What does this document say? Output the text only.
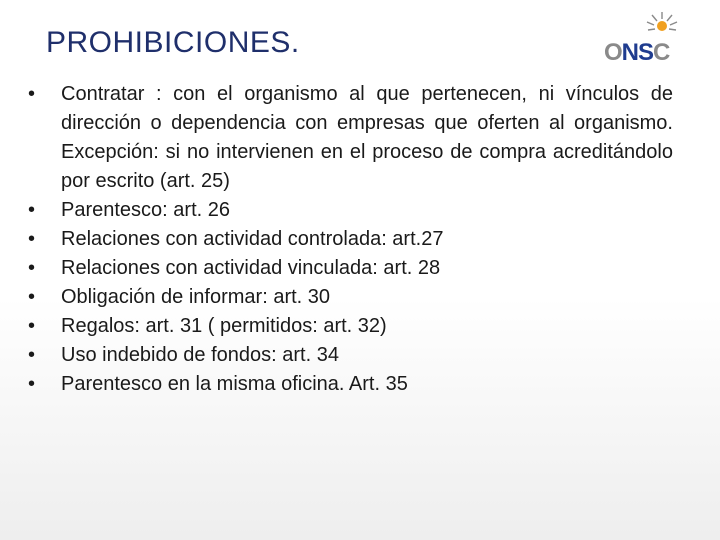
PROHIBICIONES.	ONSC
•	Contratar : con el organismo al que pertenecen, ni vínculos de dirección o dependencia con empresas que oferten al organismo. Excepción: si no intervienen en el proceso de compra acreditándolo por escrito (art. 25)
•	Parentesco: art. 26
•	Relaciones con actividad controlada: art.27
•	Relaciones con actividad vinculada: art. 28
•	Obligación de informar: art. 30
•	Regalos: art. 31 ( permitidos: art. 32)
•	Uso indebido de fondos: art. 34
•	Parentesco en la misma oficina. Art. 35
